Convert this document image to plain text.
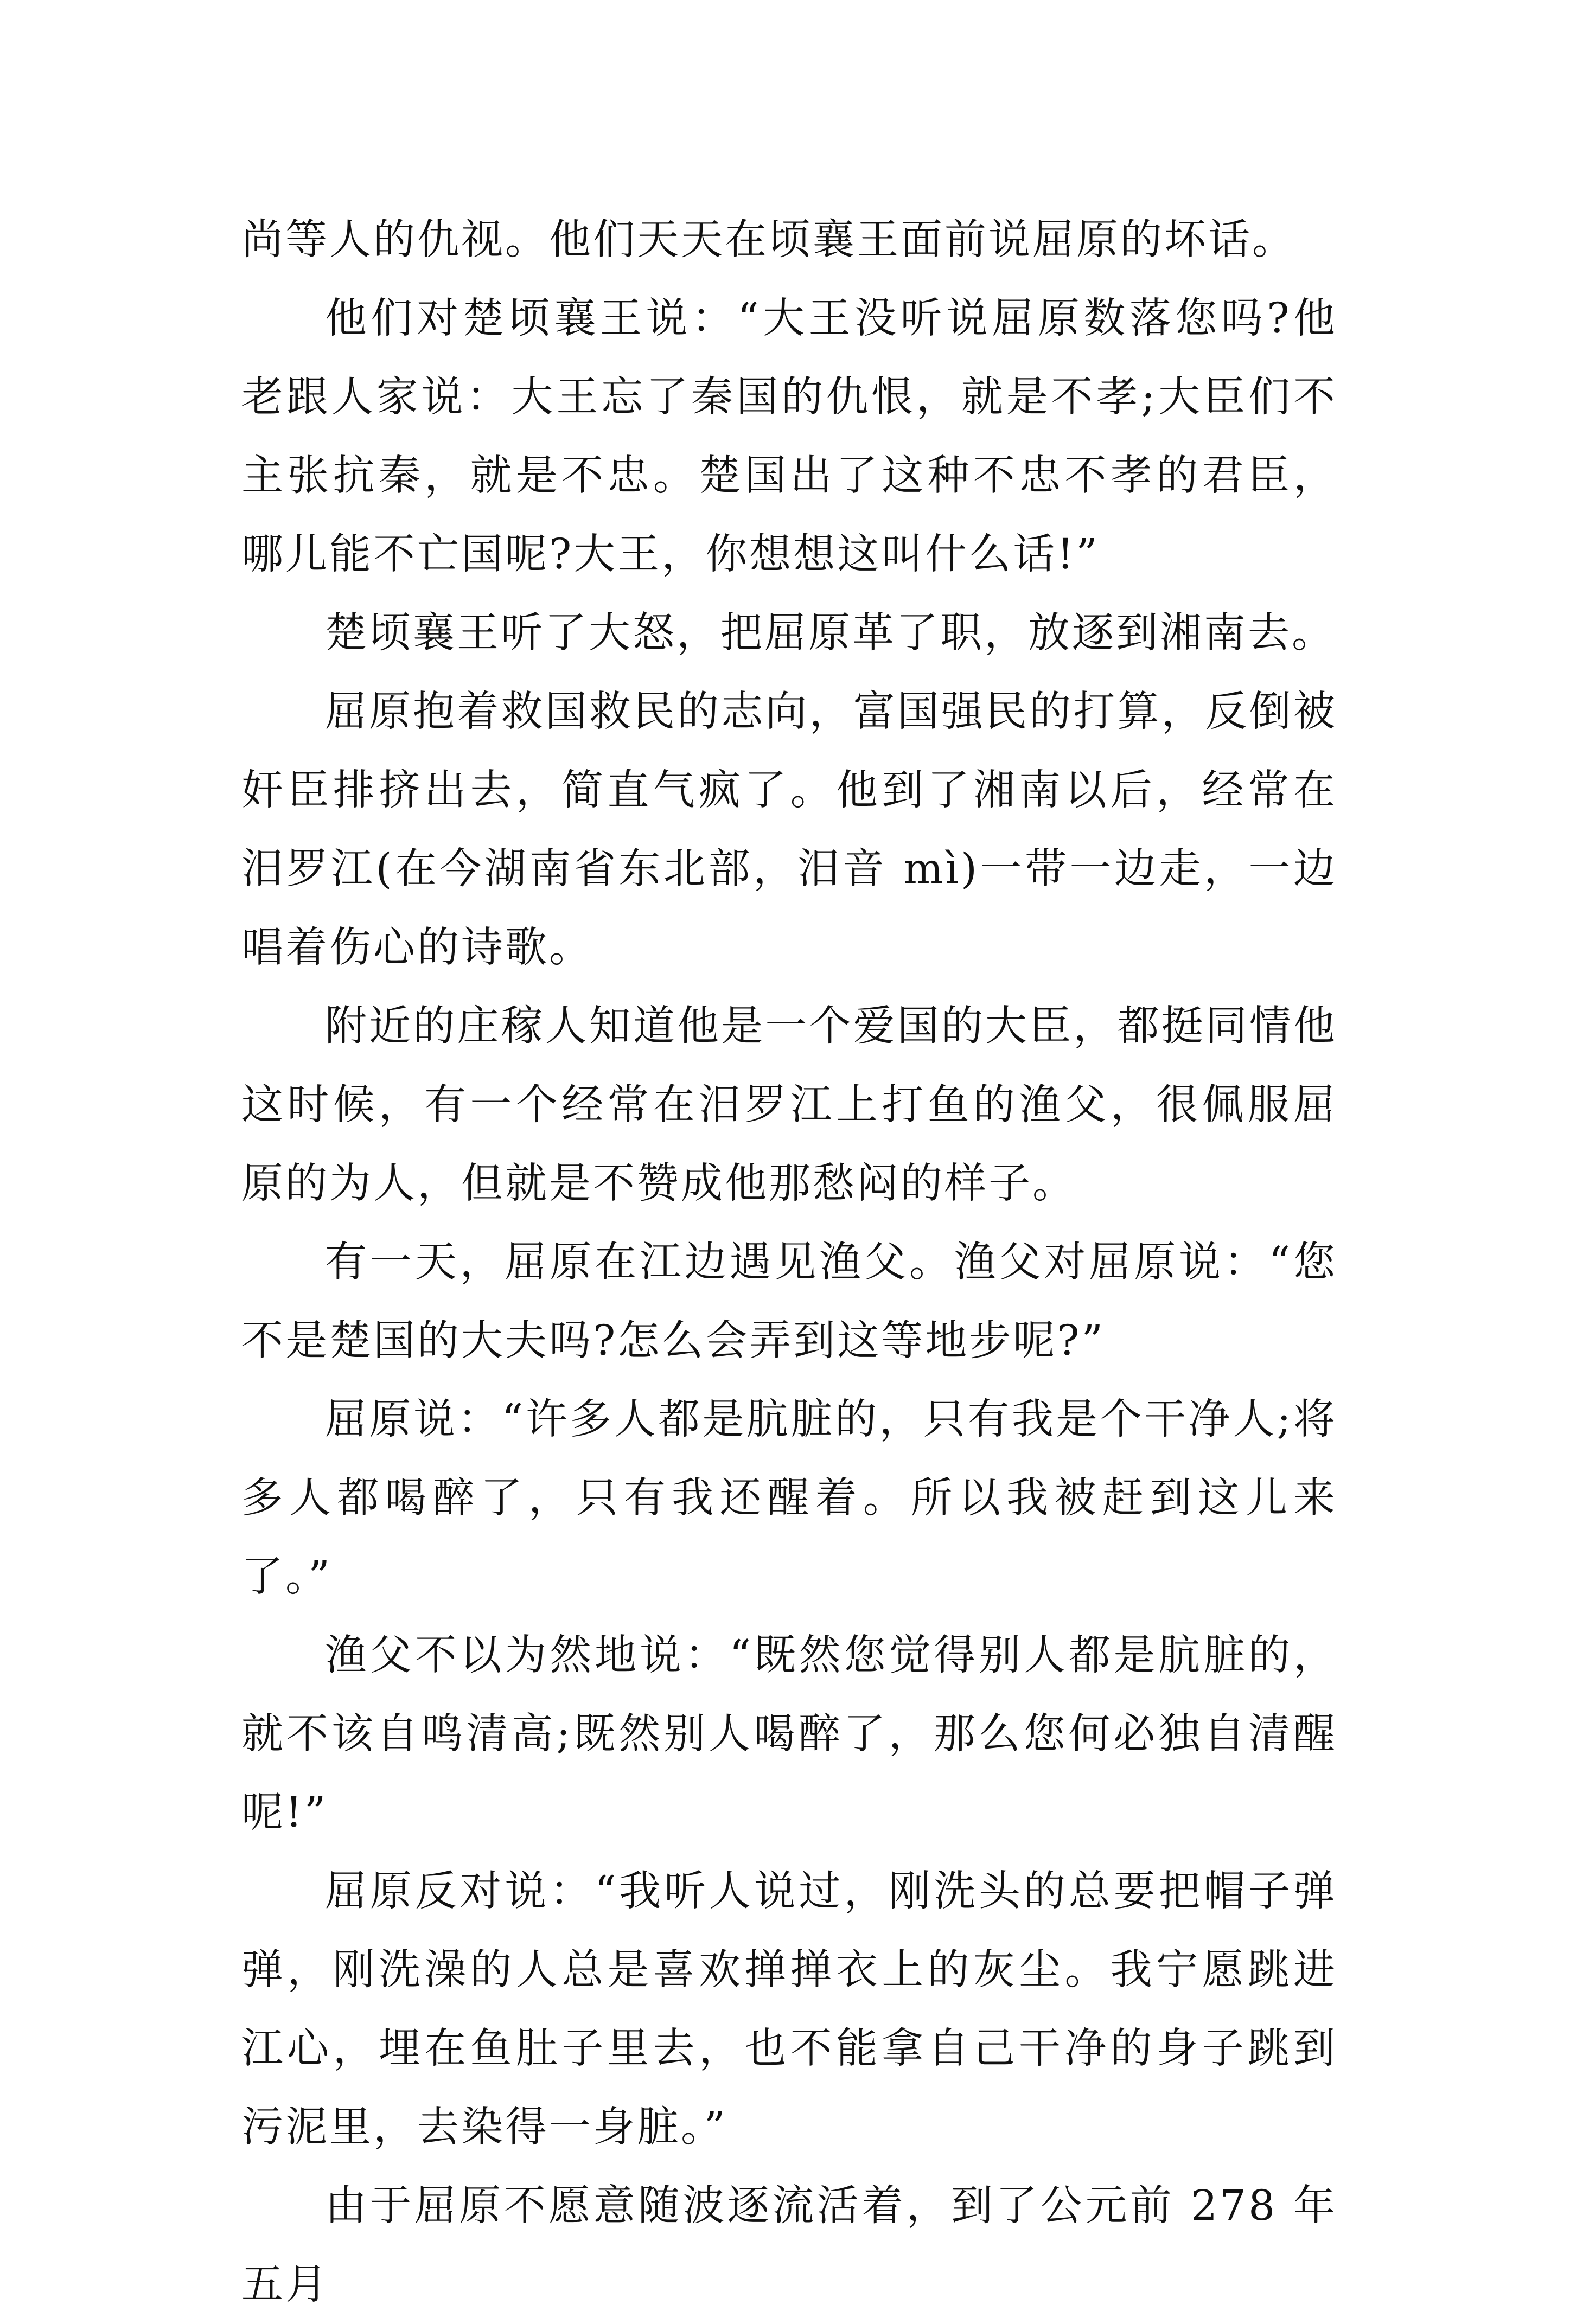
尚等人的仇视。他们天天在顷襄王面前说屈原的坏话。

他们对楚顷襄王说：“大王没听说屈原数落您吗?他老跟人家说：大王忘了秦国的仇恨，就是不孝;大臣们不主张抗秦，就是不忠。楚国出了这种不忠不孝的君臣，哪儿能不亡国呢?大王，你想想这叫什么话!”

楚顷襄王听了大怒，把屈原革了职，放逐到湘南去。

屈原抱着救国救民的志向，富国强民的打算，反倒被奸臣排挤出去，简直气疯了。他到了湘南以后，经常在汨罗江(在今湖南省东北部，汨音 mì)一带一边走，一边唱着伤心的诗歌。

附近的庄稼人知道他是一个爱国的大臣，都挺同情他这时候，有一个经常在汨罗江上打鱼的渔父，很佩服屈原的为人，但就是不赞成他那愁闷的样子。

有一天，屈原在江边遇见渔父。渔父对屈原说：“您不是楚国的大夫吗?怎么会弄到这等地步呢?”

屈原说：“许多人都是肮脏的，只有我是个干净人;将多人都喝醉了，只有我还醒着。所以我被赶到这儿来了。”

渔父不以为然地说：“既然您觉得别人都是肮脏的，就不该自鸣清高;既然别人喝醉了，那么您何必独自清醒呢!”

屈原反对说：“我听人说过，刚洗头的总要把帽子弹弹，刚洗澡的人总是喜欢掸掸衣上的灰尘。我宁愿跳进江心，埋在鱼肚子里去，也不能拿自己干净的身子跳到污泥里，去染得一身脏。”

由于屈原不愿意随波逐流活着，到了公元前 278 年五月
